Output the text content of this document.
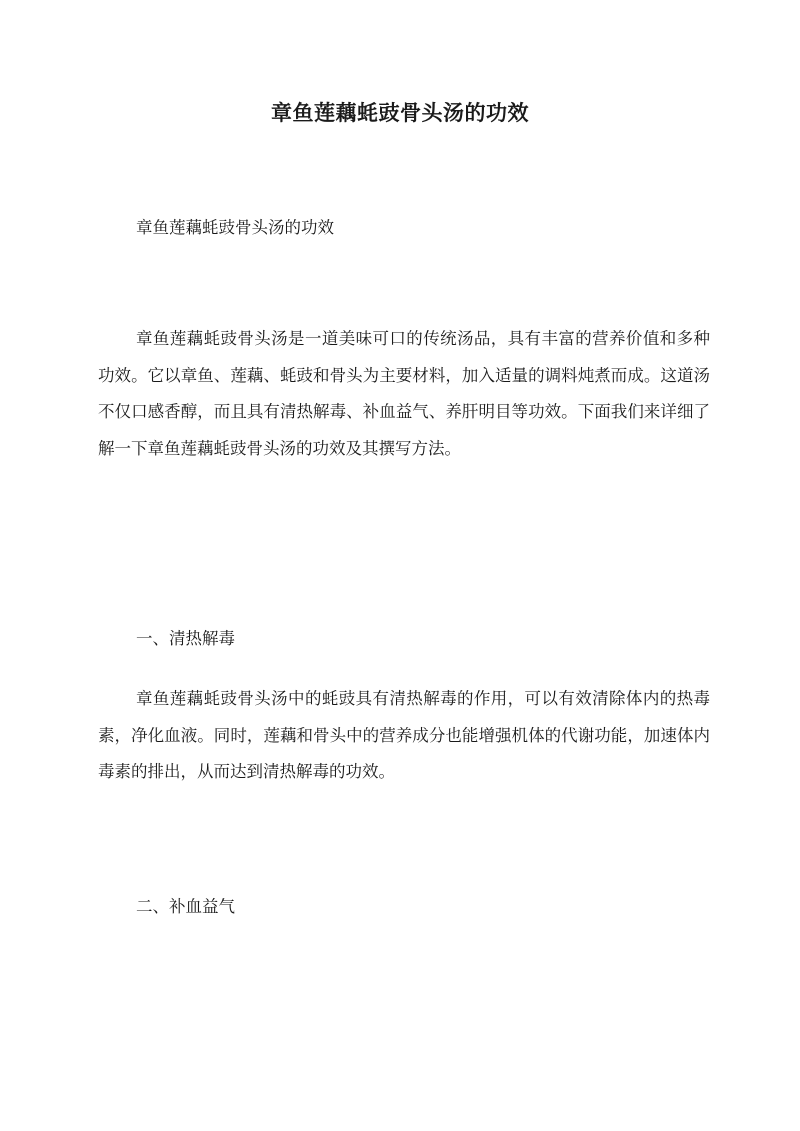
章鱼莲藕蚝豉骨头汤的功效
章鱼莲藕蚝豉骨头汤的功效
章鱼莲藕蚝豉骨头汤是一道美味可口的传统汤品，具有丰富的营养价值和多种功效。它以章鱼、莲藕、蚝豉和骨头为主要材料，加入适量的调料炖煮而成。这道汤不仅口感香醇，而且具有清热解毒、补血益气、养肝明目等功效。下面我们来详细了解一下章鱼莲藕蚝豉骨头汤的功效及其撰写方法。
一、清热解毒
章鱼莲藕蚝豉骨头汤中的蚝豉具有清热解毒的作用，可以有效清除体内的热毒素，净化血液。同时，莲藕和骨头中的营养成分也能增强机体的代谢功能，加速体内毒素的排出，从而达到清热解毒的功效。
二、补血益气
